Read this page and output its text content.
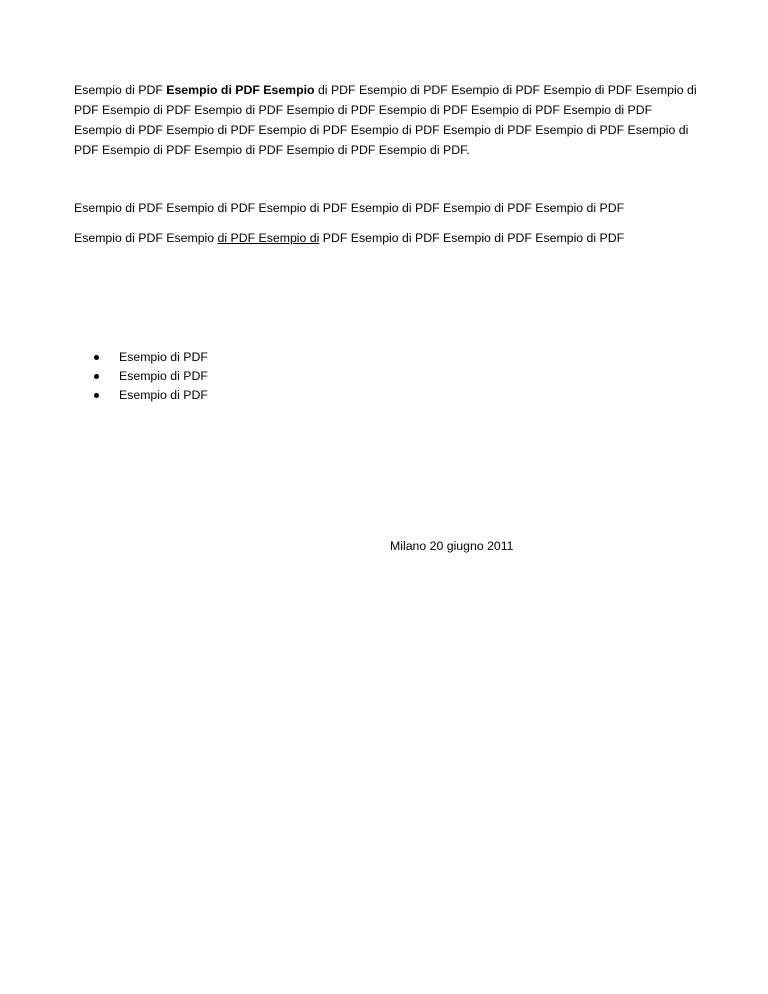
Esempio di PDF Esempio di PDF Esempio di PDF Esempio di PDF Esempio di PDF Esempio di PDF Esempio di
PDF Esempio di PDF Esempio di PDF Esempio di PDF Esempio di PDF Esempio di PDF Esempio di PDF
Esempio di PDF Esempio di PDF Esempio di PDF Esempio di PDF Esempio di PDF Esempio di PDF Esempio di
PDF Esempio di PDF Esempio di PDF Esempio di PDF Esempio di PDF.

Esempio di PDF Esempio di PDF Esempio di PDF Esempio di PDF Esempio di PDF Esempio di PDF

Esempio di PDF Esempio di PDF Esempio di PDF Esempio di PDF Esempio di PDF Esempio di PDF

Esempio di PDF
Esempio di PDF
Esempio di PDF

Milano 20 giugno 2011
